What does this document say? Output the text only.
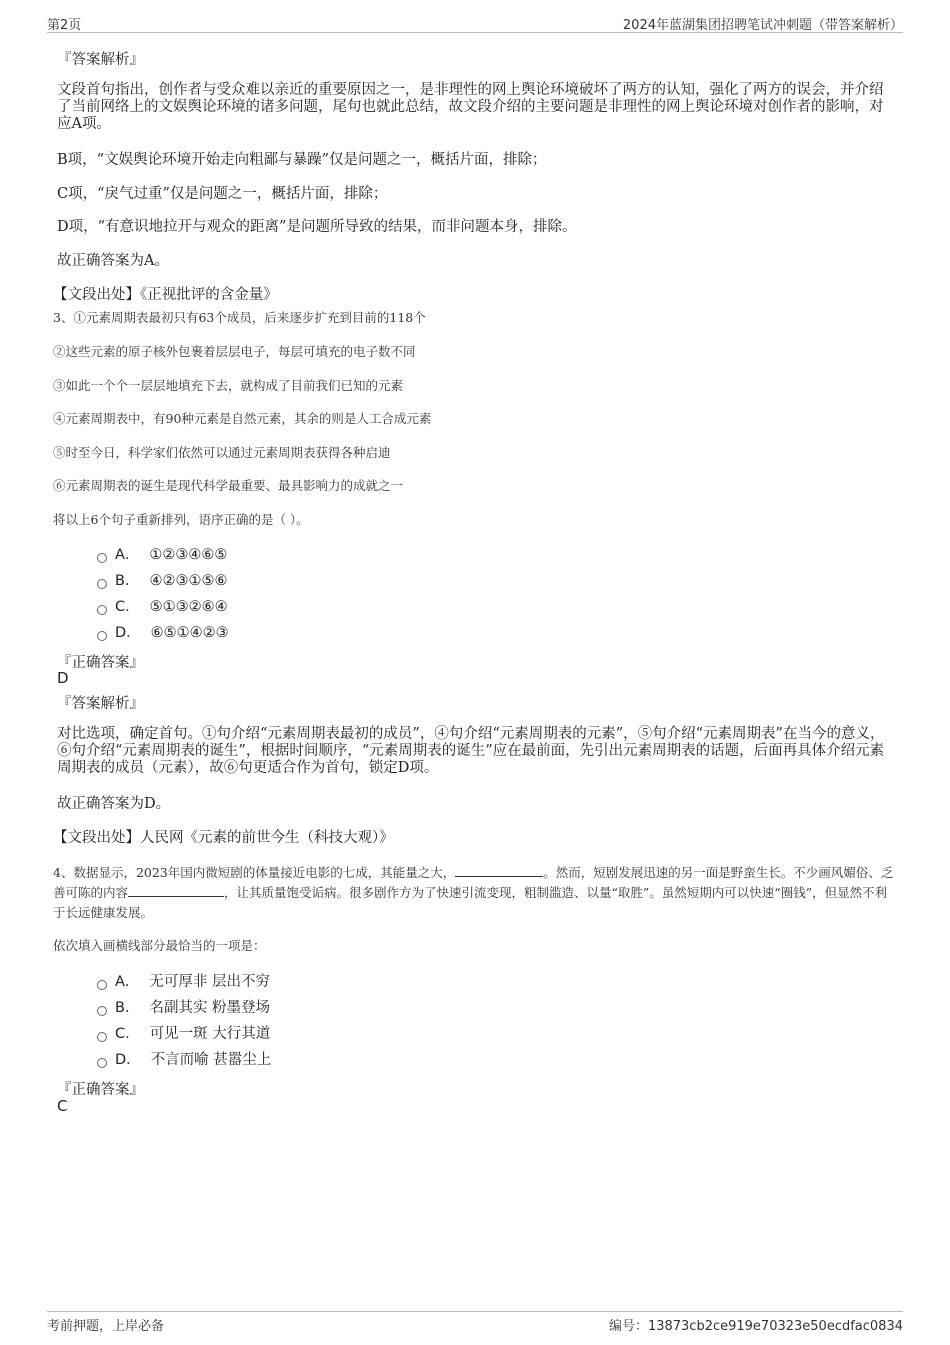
第2页	2024年蓝湖集团招聘笔试冲刺题（带答案解析）
『答案解析』

文段首句指出，创作者与受众难以亲近的重要原因之一，是非理性的网上舆论环境破坏了两方的认知，强化了两方的误会，并介绍了当前网络上的文娱舆论环境的诸多问题，尾句也就此总结，故文段介绍的主要问题是非理性的网上舆论环境对创作者的影响，对应A项。

B项，“文娱舆论环境开始走向粗鄙与暴躁”仅是问题之一，概括片面，排除；

C项，“戾气过重”仅是问题之一，概括片面，排除；

D项，“有意识地拉开与观众的距离”是问题所导致的结果，而非问题本身，排除。

故正确答案为A。

【文段出处】《正视批评的含金量》

3、①元素周期表最初只有63个成员，后来逐步扩充到目前的118个

②这些元素的原子核外包裹着层层电子，每层可填充的电子数不同

③如此一个个一层层地填充下去，就构成了目前我们已知的元素

④元素周期表中，有90种元素是自然元素，其余的则是人工合成元素

⑤时至今日，科学家们依然可以通过元素周期表获得各种启迪

⑥元素周期表的诞生是现代科学最重要、最具影响力的成就之一

将以上6个句子重新排列，语序正确的是（ ）。

A． ①②③④⑥⑤
B． ④②③①⑤⑥
C． ⑤①③②⑥④
D． ⑥⑤①④②③
『正确答案』
D
『答案解析』

对比选项，确定首句。①句介绍“元素周期表最初的成员”，④句介绍“元素周期表的元素”，⑤句介绍“元素周期表”在当今的意义，⑥句介绍“元素周期表的诞生”，根据时间顺序，“元素周期表的诞生”应在最前面，先引出元素周期表的话题，后面再具体介绍元素周期表的成员（元素），故⑥句更适合作为首句，锁定D项。

故正确答案为D。

【文段出处】人民网《元素的前世今生（科技大观）》

4、数据显示，2023年国内微短剧的体量接近电影的七成，其能量之大，	。然而，短剧发展迅速的另一面是野蛮生长。不少画风媚俗、乏善可陈的内容	，让其质量饱受诟病。很多剧作方为了快速引流变现，粗制滥造、以量“取胜”。虽然短期内可以快速“圈钱”，但显然不利于长远健康发展。

依次填入画横线部分最恰当的一项是：

A． 无可厚非 层出不穷
B． 名副其实 粉墨登场
C． 可见一斑 大行其道
D． 不言而喻 甚嚣尘上
『正确答案』
C
考前押题，上岸必备	编号：13873cb2ce919e70323e50ecdfac0834
